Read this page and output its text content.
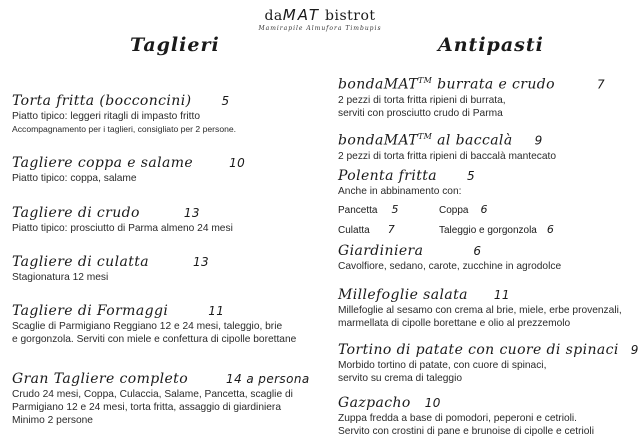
daMAT bistrot
Mamirapile Almufora Timbupis
Taglieri	Antipasti
Torta fritta (bocconcini)	5
Piatto tipico: leggeri ritagli di impasto fritto
Accompagnamento per i taglieri, consigliato per 2 persone.
Tagliere coppa e salame	10
Piatto tipico: coppa, salame
Tagliere di crudo	13
Piatto tipico: prosciutto di Parma almeno 24 mesi
Tagliere di culatta	13
Stagionatura 12 mesi
Tagliere di Formaggi	11
Scaglie di Parmigiano Reggiano 12 e 24 mesi, taleggio, brie
e gorgonzola. Serviti con miele e confettura di cipolle borettane
Gran Tagliere completo	14 a persona
Crudo 24 mesi, Coppa, Culaccia, Salame, Pancetta, scaglie di
Parmigiano 12 e 24 mesi, torta fritta, assaggio di giardiniera
Minimo 2 persone
bondaMAT™ burrata e crudo	7
2 pezzi di torta fritta ripieni di burrata,
serviti con prosciutto crudo di Parma
bondaMAT™ al baccalà 9
2 pezzi di torta fritta ripieni di baccalà mantecato
Polenta fritta	5
Anche in abbinamento con:
Pancetta 5	Coppa 6
Culatta 7	Taleggio e gorgonzola 6
Giardiniera	6
Cavolfiore, sedano, carote, zucchine in agrodolce
Millefoglie salata 11
Millefoglie al sesamo con crema al brie, miele, erbe provenzali,
marmellata di cipolle borettane e olio al prezzemolo
Tortino di patate con cuore di spinaci 9
Morbido tortino di patate, con cuore di spinaci,
servito su crema di taleggio
Gazpacho 10
Zuppa fredda a base di pomodori, peperoni e cetrioli.
Servito con crostini di pane e brunoise di cipolle e cetrioli
